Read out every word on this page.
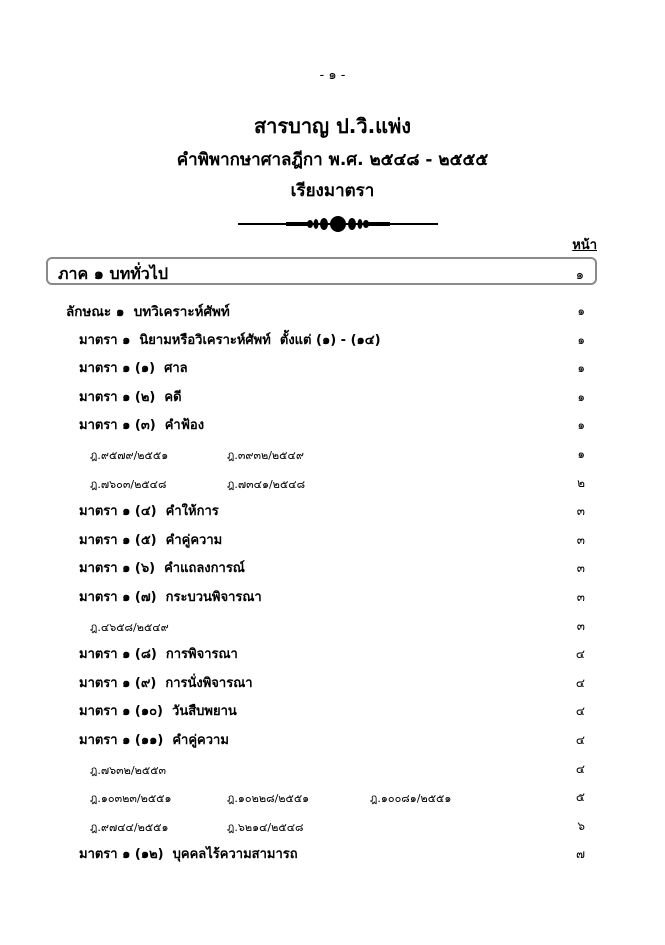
- ๑ -
สารบาญ ป.วิ.แพ่ง
คำพิพากษาศาลฎีกา พ.ศ. ๒๕๔๘ - ๒๕๕๕
เรียงมาตรา
หน้า
ภาค ๑ บททั่วไป	๑
ลักษณะ ๑  บทวิเคราะห์ศัพท์	๑
มาตรา ๑  นิยามหรือวิเคราะห์ศัพท์  ตั้งแต่ (๑) - (๑๔)	๑
มาตรา ๑ (๑)  ศาล	๑
มาตรา ๑ (๒)  คดี	๑
มาตรา ๑ (๓)  คำฟ้อง	๑
ฎ.๙๕๗๙/๒๕๕๑	ฎ.๓๙๓๒/๒๕๔๙	๑
ฎ.๗๖๐๓/๒๕๔๘	ฎ.๗๓๔๑/๒๕๔๘	๒
มาตรา ๑ (๔)  คำให้การ	๓
มาตรา ๑ (๕)  คำคู่ความ	๓
มาตรา ๑ (๖)  คำแถลงการณ์	๓
มาตรา ๑ (๗)  กระบวนพิจารณา	๓
ฎ.๔๖๕๘/๒๕๔๙	๓
มาตรา ๑ (๘)  การพิจารณา	๔
มาตรา ๑ (๙)  การนั่งพิจารณา	๔
มาตรา ๑ (๑๐)  วันสืบพยาน	๔
มาตรา ๑ (๑๑)  คำคู่ความ	๔
ฎ.๗๖๓๒/๒๕๕๓	๔
ฎ.๑๐๓๒๓/๒๕๕๑	ฎ.๑๐๒๒๘/๒๕๕๑	ฎ.๑๐๐๘๑/๒๕๕๑	๕
ฎ.๙๗๔๔/๒๕๕๑	ฎ.๖๒๑๔/๒๕๔๘	๖
มาตรา ๑ (๑๒)  บุคคลไร้ความสามารถ	๗
